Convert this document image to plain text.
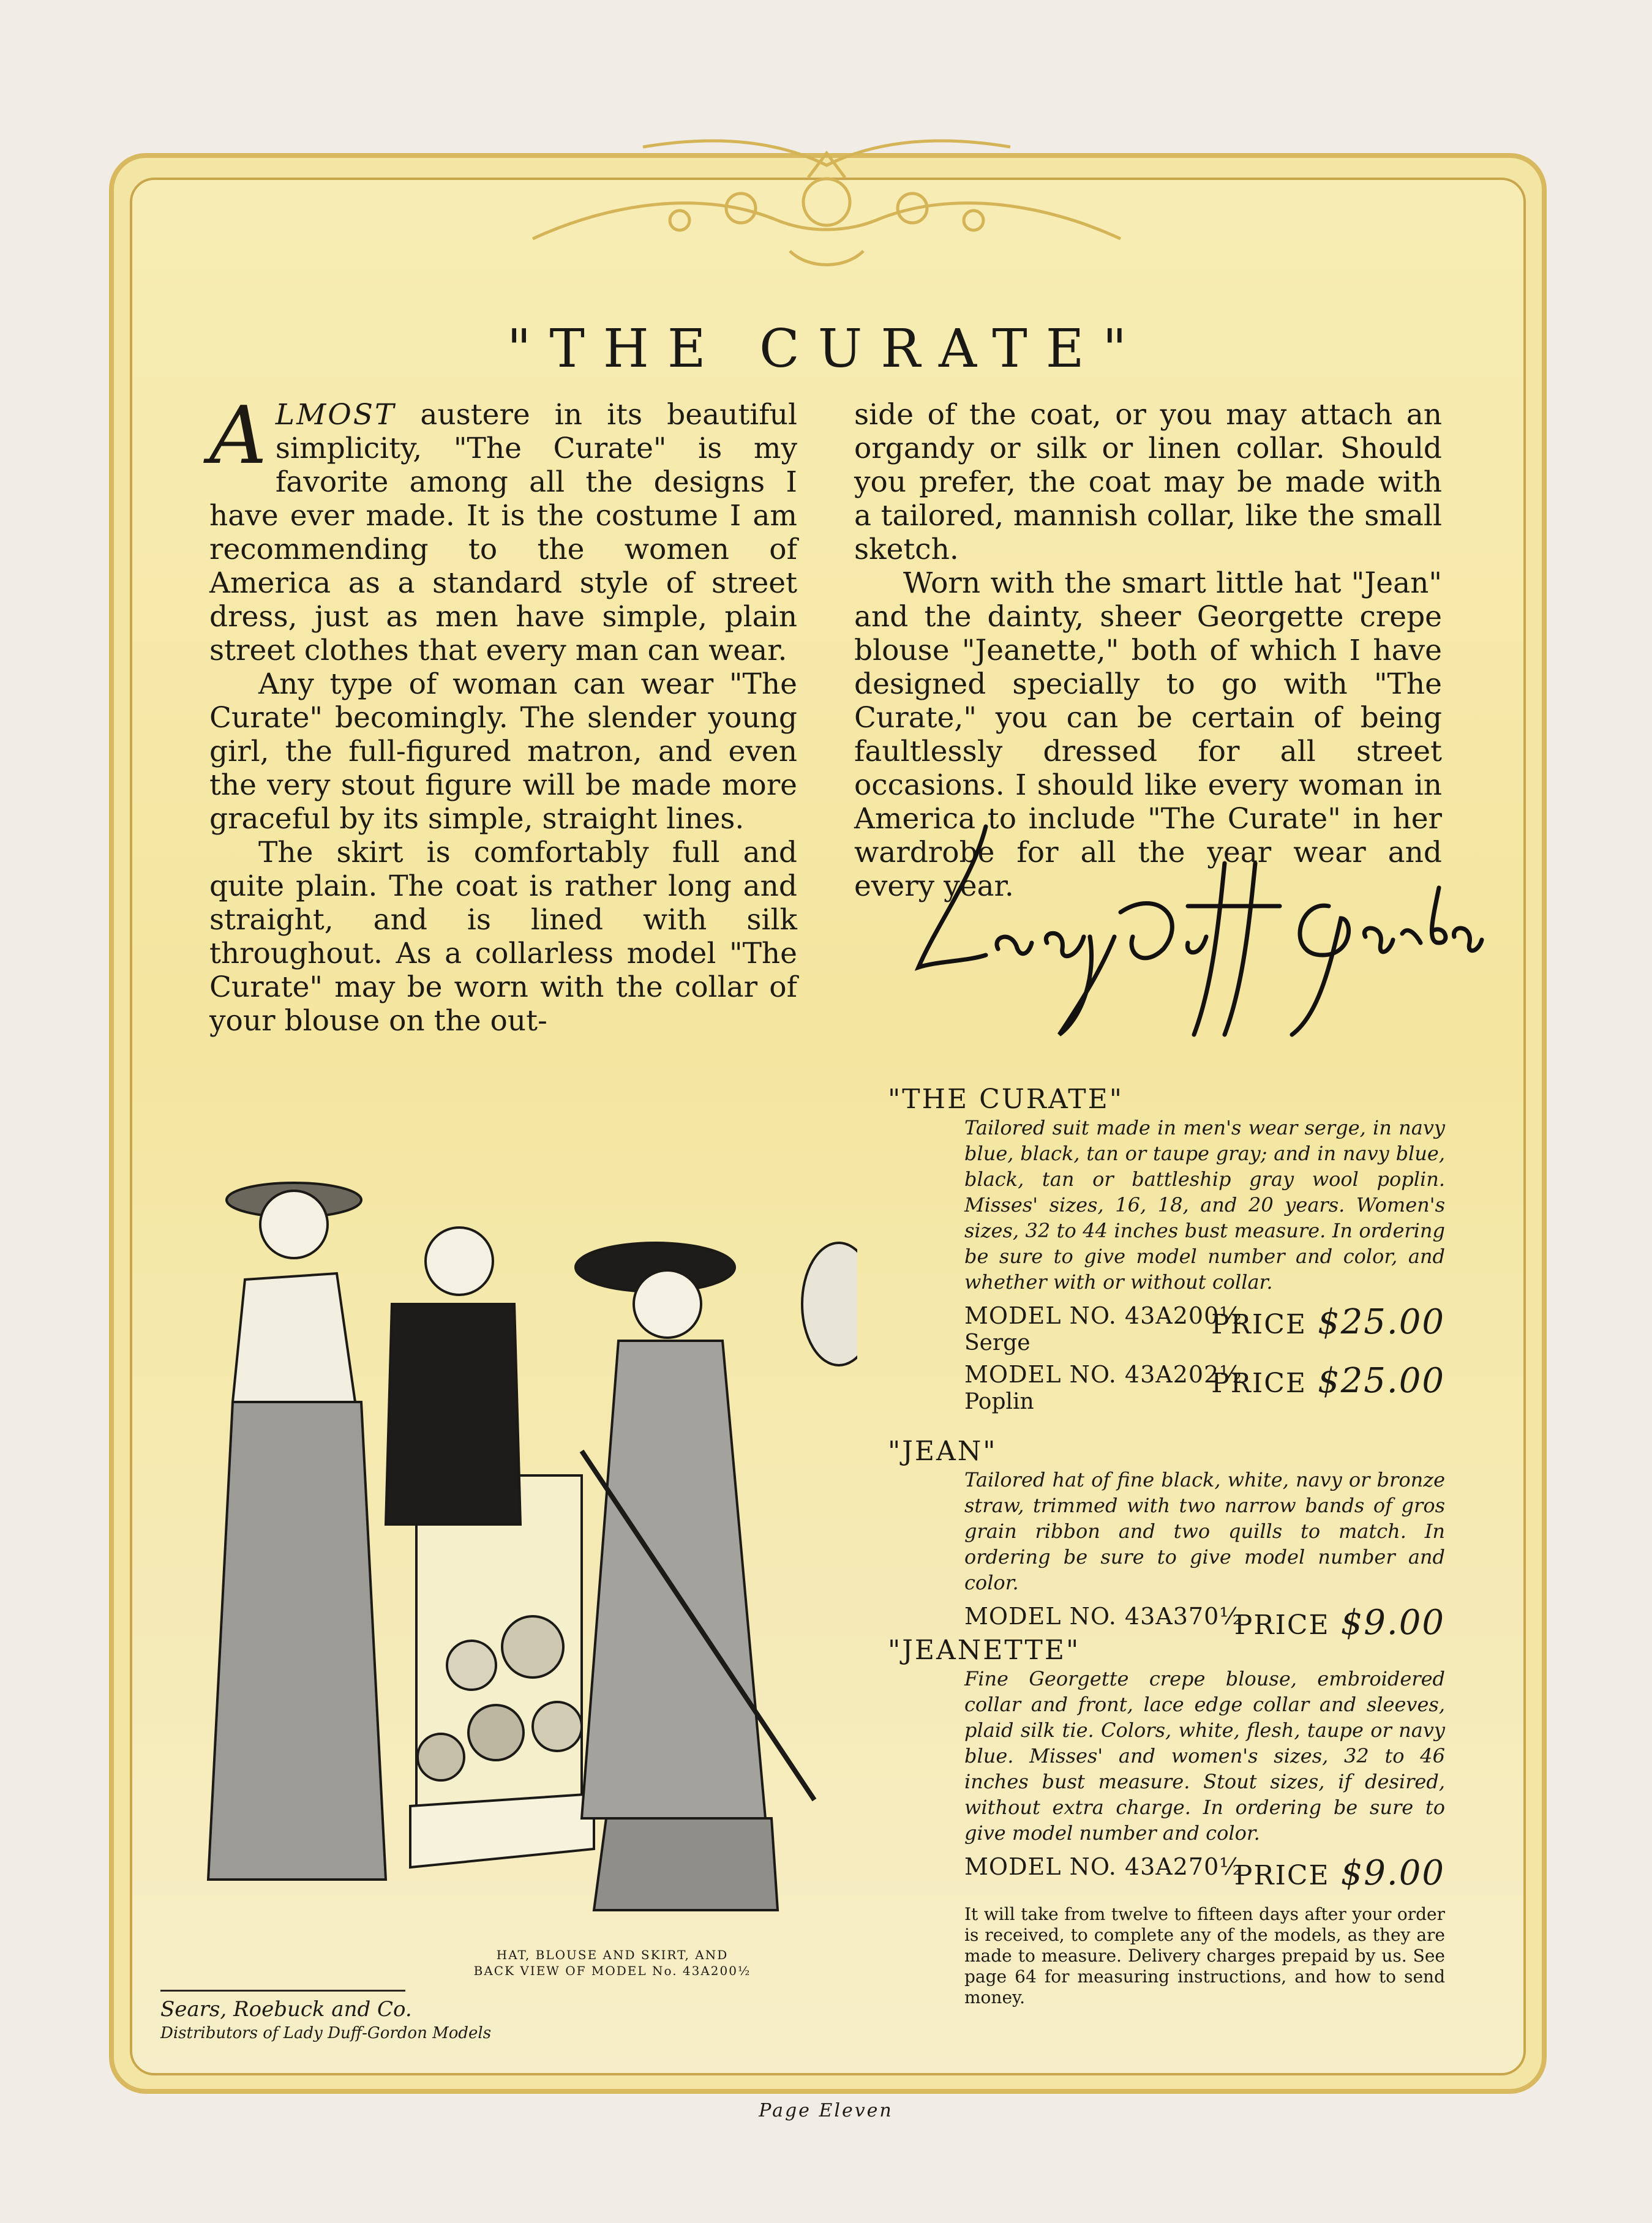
"THE CURATE"

ALMOST austere in its beautiful simplicity, "The Curate" is my favorite among all the designs I have ever made. It is the costume I am recommending to the women of America as a standard style of street dress, just as men have simple, plain street clothes that every man can wear.

Any type of woman can wear "The Curate" becomingly. The slender young girl, the full-figured matron, and even the very stout figure will be made more graceful by its simple, straight lines.

The skirt is comfortably full and quite plain. The coat is rather long and straight, and is lined with silk throughout. As a collarless model "The Curate" may be worn with the collar of your blouse on the out-

side of the coat, or you may attach an organdy or silk or linen collar. Should you prefer, the coat may be made with a tailored, mannish collar, like the small sketch.

Worn with the smart little hat "Jean" and the dainty, sheer Georgette crepe blouse "Jeanette," both of which I have designed specially to go with "The Curate," you can be certain of being faultlessly dressed for all street occasions. I should like every woman in America to include "The Curate" in her wardrobe for all the year wear and every year.

HAT, BLOUSE AND SKIRT, AND
BACK VIEW OF MODEL No. 43A200½
Sears, Roebuck and Co.
Distributors of Lady Duff-Gordon Models
"THE CURATE"
Tailored suit made in men's wear serge, in navy blue, black, tan or taupe gray; and in navy blue, black, tan or battleship gray wool poplin. Misses' sizes, 16, 18, and 20 years. Women's sizes, 32 to 44 inches bust measure. In ordering be sure to give model number and color, and whether with or without collar.
MODEL NO. 43A200½
Serge
PRICE $25.00
MODEL NO. 43A202½
Poplin
PRICE $25.00
"JEAN"
Tailored hat of fine black, white, navy or bronze straw, trimmed with two narrow bands of gros grain ribbon and two quills to match. In ordering be sure to give model number and color.
MODEL NO. 43A370½
PRICE $9.00
"JEANETTE"
Fine Georgette crepe blouse, embroidered collar and front, lace edge collar and sleeves, plaid silk tie. Colors, white, flesh, taupe or navy blue. Misses' and women's sizes, 32 to 46 inches bust measure. Stout sizes, if desired, without extra charge. In ordering be sure to give model number and color.
MODEL NO. 43A270½
PRICE $9.00
It will take from twelve to fifteen days after your order is received, to complete any of the models, as they are made to measure. Delivery charges prepaid by us. See page 64 for measuring instructions, and how to send money.
Page Eleven
